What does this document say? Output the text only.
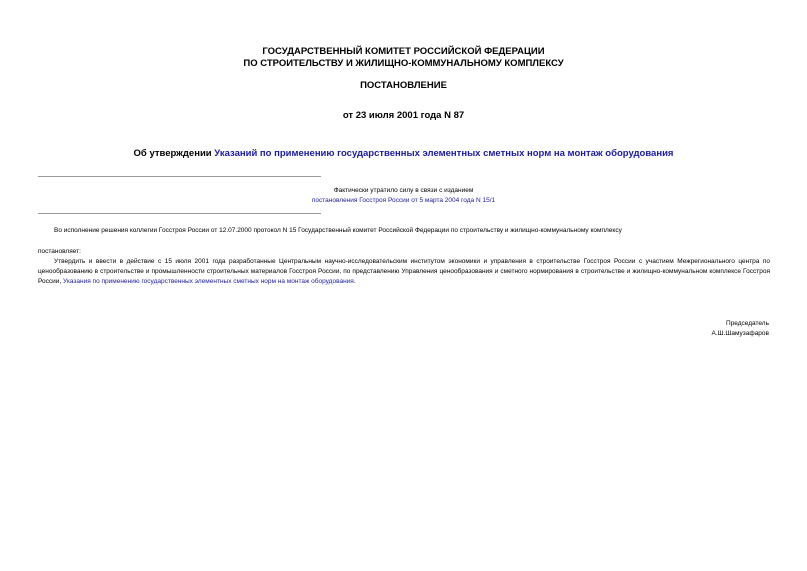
ГОСУДАРСТВЕННЫЙ КОМИТЕТ РОССИЙСКОЙ ФЕДЕРАЦИИ
ПО СТРОИТЕЛЬСТВУ И ЖИЛИЩНО-КОММУНАЛЬНОМУ КОМПЛЕКСУ
ПОСТАНОВЛЕНИЕ
от 23 июля 2001 года N 87
Об утверждении Указаний по применению государственных элементных сметных норм на монтаж оборудования
Фактически утратило силу в связи с изданием
постановления Госстроя России от 5 марта 2004 года N 15/1
Во исполнение решения коллегии Госстроя России от 12.07.2000 протокол N 15 Государственный комитет Российской Федерации по строительству и жилищно-коммунальному комплексу
постановляет:
Утвердить и ввести в действие с 15 июля 2001 года разработанные Центральным научно-исследовательским институтом экономики и управления в строительстве Госстроя России с участием Межрегионального центра по ценообразованию в строительстве и промышленности строительных материалов Госстроя России, по представлению Управления ценообразования и сметного нормирования в строительстве и жилищно-коммунальном комплексе Госстроя России, Указания по применению государственных элементных сметных норм на монтаж оборудования.
Председатель
А.Ш.Шамузафаров
